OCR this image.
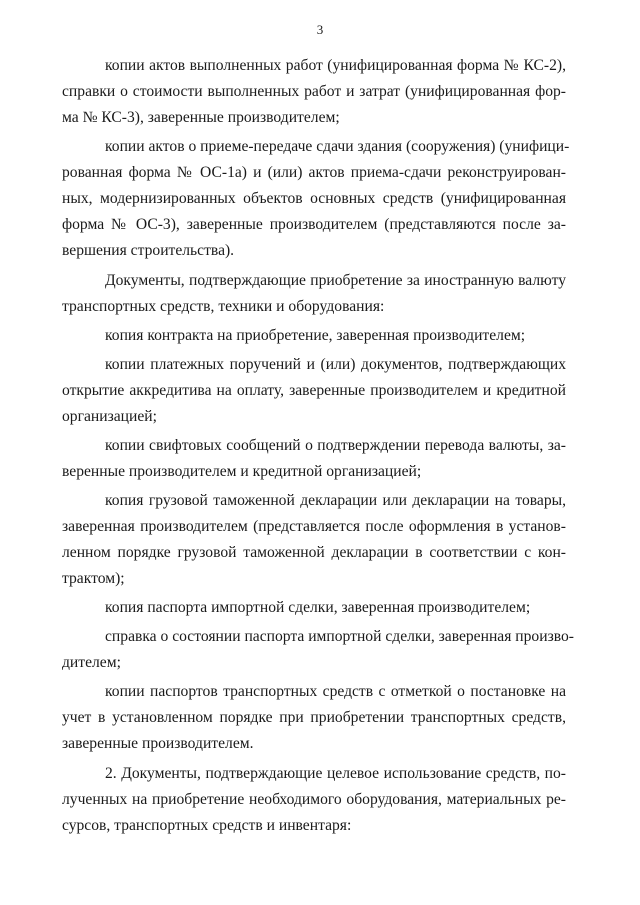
3
копии актов выполненных работ (унифицированная форма № КС-2),
справки о стоимости выполненных работ и затрат (унифицированная фор-
ма № КС-3), заверенные производителем;
копии актов о приеме-передаче сдачи здания (сооружения) (унифици-
рованная форма № ОС-1а) и (или) актов приема-сдачи реконструирован-
ных, модернизированных объектов основных средств (унифицированная
форма № ОС-3), заверенные производителем (представляются после за-
вершения строительства).
Документы, подтверждающие приобретение за иностранную валюту
транспортных средств, техники и оборудования:
копия контракта на приобретение, заверенная производителем;
копии платежных поручений и (или) документов, подтверждающих
открытие аккредитива на оплату, заверенные производителем и кредитной
организацией;
копии свифтовых сообщений о подтверждении перевода валюты, за-
веренные производителем и кредитной организацией;
копия грузовой таможенной декларации или декларации на товары,
заверенная производителем (представляется после оформления в установ-
ленном порядке грузовой таможенной декларации в соответствии с кон-
трактом);
копия паспорта импортной сделки, заверенная производителем;
справка о состоянии паспорта импортной сделки, заверенная произво-
дителем;
копии паспортов транспортных средств с отметкой о постановке на
учет в установленном порядке при приобретении транспортных средств,
заверенные производителем.
2. Документы, подтверждающие целевое использование средств, по-
лученных на приобретение необходимого оборудования, материальных ре-
сурсов, транспортных средств и инвентаря:
